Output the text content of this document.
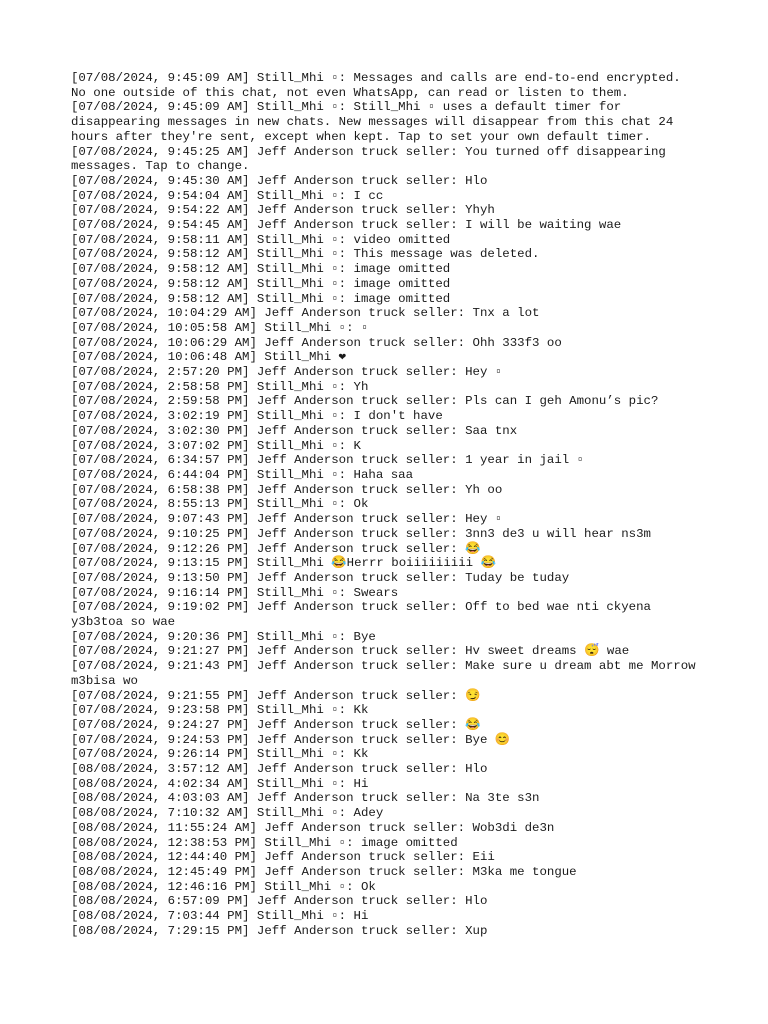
[07/08/2024, 9:45:09 AM] Still_Mhi ▫: Messages and calls are end-to-end encrypted. No one outside of this chat, not even WhatsApp, can read or listen to them.
[07/08/2024, 9:45:09 AM] Still_Mhi ▫: Still_Mhi ▫ uses a default timer for disappearing messages in new chats. New messages will disappear from this chat 24 hours after they're sent, except when kept. Tap to set your own default timer.
[07/08/2024, 9:45:25 AM] Jeff Anderson truck seller: You turned off disappearing messages. Tap to change.
[07/08/2024, 9:45:30 AM] Jeff Anderson truck seller: Hlo
[07/08/2024, 9:54:04 AM] Still_Mhi ▫: I cc
[07/08/2024, 9:54:22 AM] Jeff Anderson truck seller: Yhyh
[07/08/2024, 9:54:45 AM] Jeff Anderson truck seller: I will be waiting wae
[07/08/2024, 9:58:11 AM] Still_Mhi ▫: video omitted
[07/08/2024, 9:58:12 AM] Still_Mhi ▫: This message was deleted.
[07/08/2024, 9:58:12 AM] Still_Mhi ▫: image omitted
[07/08/2024, 9:58:12 AM] Still_Mhi ▫: image omitted
[07/08/2024, 9:58:12 AM] Still_Mhi ▫: image omitted
[07/08/2024, 10:04:29 AM] Jeff Anderson truck seller: Tnx a lot
[07/08/2024, 10:05:58 AM] Still_Mhi ▫: ▫
[07/08/2024, 10:06:29 AM] Jeff Anderson truck seller: Ohh 333f3 oo
[07/08/2024, 10:06:48 AM] Still_Mhi ❤
[07/08/2024, 2:57:20 PM] Jeff Anderson truck seller: Hey ▫
[07/08/2024, 2:58:58 PM] Still_Mhi ▫: Yh
[07/08/2024, 2:59:58 PM] Jeff Anderson truck seller: Pls can I geh Amonu’s pic?
[07/08/2024, 3:02:19 PM] Still_Mhi ▫: I don't have
[07/08/2024, 3:02:30 PM] Jeff Anderson truck seller: Saa tnx
[07/08/2024, 3:07:02 PM] Still_Mhi ▫: K
[07/08/2024, 6:34:57 PM] Jeff Anderson truck seller: 1 year in jail ▫
[07/08/2024, 6:44:04 PM] Still_Mhi ▫: Haha saa
[07/08/2024, 6:58:38 PM] Jeff Anderson truck seller: Yh oo
[07/08/2024, 8:55:13 PM] Still_Mhi ▫: Ok
[07/08/2024, 9:07:43 PM] Jeff Anderson truck seller: Hey ▫
[07/08/2024, 9:10:25 PM] Jeff Anderson truck seller: 3nn3 de3 u will hear ns3m
[07/08/2024, 9:12:26 PM] Jeff Anderson truck seller: 😂
[07/08/2024, 9:13:15 PM] Still_Mhi 😂Herrr boiiiiiiiii 😂
[07/08/2024, 9:13:50 PM] Jeff Anderson truck seller: Tuday be tuday
[07/08/2024, 9:16:14 PM] Still_Mhi ▫: Swears
[07/08/2024, 9:19:02 PM] Jeff Anderson truck seller: Off to bed wae nti ckyena y3b3toa so wae
[07/08/2024, 9:20:36 PM] Still_Mhi ▫: Bye
[07/08/2024, 9:21:27 PM] Jeff Anderson truck seller: Hv sweet dreams 😴 wae
[07/08/2024, 9:21:43 PM] Jeff Anderson truck seller: Make sure u dream abt me Morrow m3bisa wo
[07/08/2024, 9:21:55 PM] Jeff Anderson truck seller: 😏
[07/08/2024, 9:23:58 PM] Still_Mhi ▫: Kk
[07/08/2024, 9:24:27 PM] Jeff Anderson truck seller: 😂
[07/08/2024, 9:24:53 PM] Jeff Anderson truck seller: Bye 😊
[07/08/2024, 9:26:14 PM] Still_Mhi ▫: Kk
[08/08/2024, 3:57:12 AM] Jeff Anderson truck seller: Hlo
[08/08/2024, 4:02:34 AM] Still_Mhi ▫: Hi
[08/08/2024, 4:03:03 AM] Jeff Anderson truck seller: Na 3te s3n
[08/08/2024, 7:10:32 AM] Still_Mhi ▫: Adey
[08/08/2024, 11:55:24 AM] Jeff Anderson truck seller: Wob3di de3n
[08/08/2024, 12:38:53 PM] Still_Mhi ▫: image omitted
[08/08/2024, 12:44:40 PM] Jeff Anderson truck seller: Eii
[08/08/2024, 12:45:49 PM] Jeff Anderson truck seller: M3ka me tongue
[08/08/2024, 12:46:16 PM] Still_Mhi ▫: Ok
[08/08/2024, 6:57:09 PM] Jeff Anderson truck seller: Hlo
[08/08/2024, 7:03:44 PM] Still_Mhi ▫: Hi
[08/08/2024, 7:29:15 PM] Jeff Anderson truck seller: Xup
